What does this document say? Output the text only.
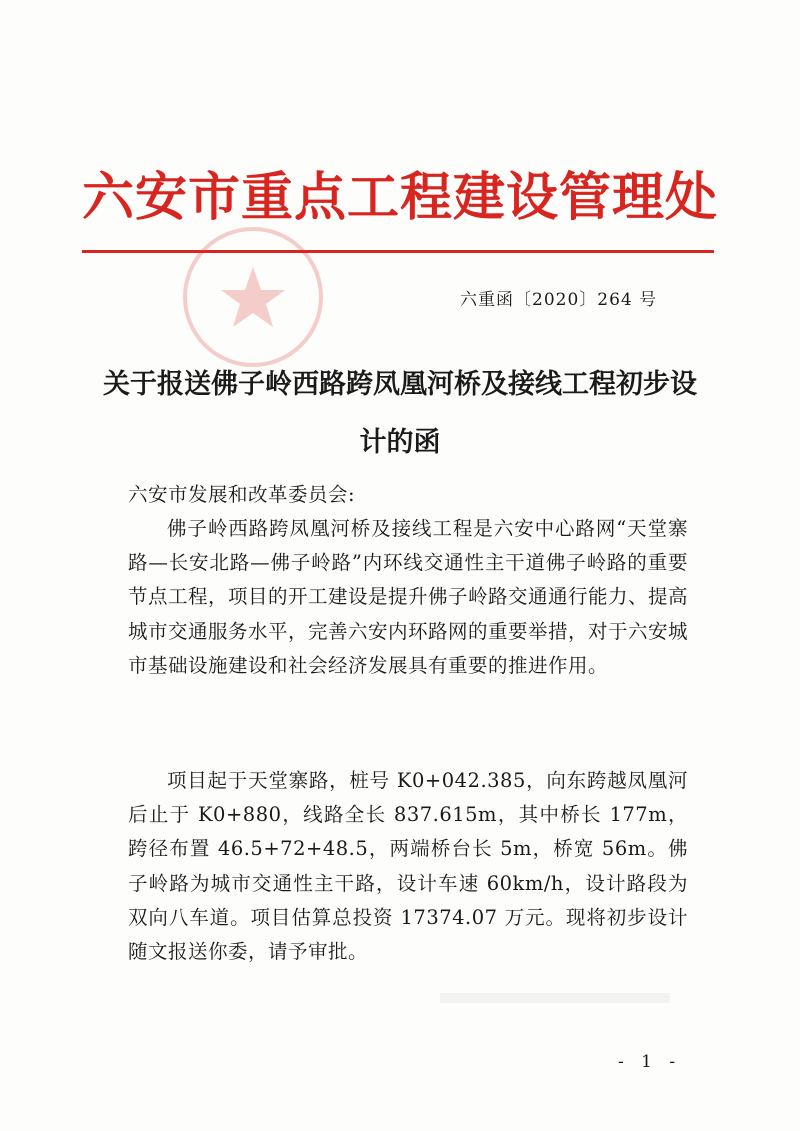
六安市重点工程建设管理处
六重函〔2020〕264 号
关于报送佛子岭西路跨凤凰河桥及接线工程初步设计的函
六安市发展和改革委员会:
佛子岭西路跨凤凰河桥及接线工程是六安中心路网“天堂寨路—长安北路—佛子岭路”内环线交通性主干道佛子岭路的重要节点工程，项目的开工建设是提升佛子岭路交通通行能力、提高城市交通服务水平，完善六安内环路网的重要举措，对于六安城市基础设施建设和社会经济发展具有重要的推进作用。
项目起于天堂寨路，桩号 K0+042.385，向东跨越凤凰河后止于 K0+880，线路全长 837.615m，其中桥长 177m，跨径布置 46.5+72+48.5，两端桥台长 5m，桥宽 56m。佛子岭路为城市交通性主干路，设计车速 60km/h，设计路段为双向八车道。项目估算总投资 17374.07 万元。现将初步设计随文报送你委，请予审批。
- 1 -
